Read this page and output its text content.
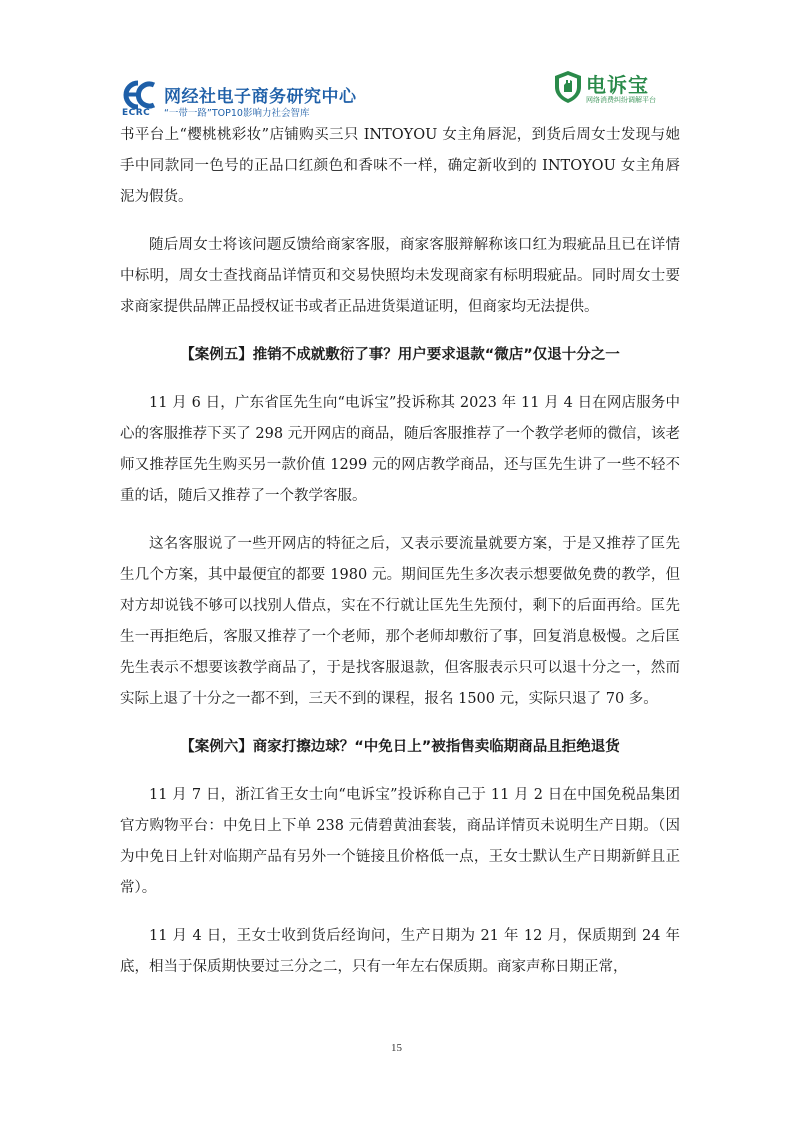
ECRC
网经社电子商务研究中心
“一带一路”TOP10影响力社会智库
电诉宝
网络消费纠纷调解平台

书平台上“樱桃桃彩妆”店铺购买三只 INTOYOU 女主角唇泥，到货后周女士发现与她手中同款同一色号的正品口红颜色和香味不一样，确定新收到的 INTOYOU 女主角唇泥为假货。

随后周女士将该问题反馈给商家客服，商家客服辩解称该口红为瑕疵品且已在详情中标明，周女士查找商品详情页和交易快照均未发现商家有标明瑕疵品。同时周女士要求商家提供品牌正品授权证书或者正品进货渠道证明，但商家均无法提供。

【案例五】推销不成就敷衍了事？用户要求退款“微店”仅退十分之一

11 月 6 日，广东省匡先生向“电诉宝”投诉称其 2023 年 11 月 4 日在网店服务中心的客服推荐下买了 298 元开网店的商品，随后客服推荐了一个教学老师的微信，该老师又推荐匡先生购买另一款价值 1299 元的网店教学商品，还与匡先生讲了一些不轻不重的话，随后又推荐了一个教学客服。

这名客服说了一些开网店的特征之后，又表示要流量就要方案，于是又推荐了匡先生几个方案，其中最便宜的都要 1980 元。期间匡先生多次表示想要做免费的教学，但对方却说钱不够可以找别人借点，实在不行就让匡先生先预付，剩下的后面再给。匡先生一再拒绝后，客服又推荐了一个老师，那个老师却敷衍了事，回复消息极慢。之后匡先生表示不想要该教学商品了，于是找客服退款，但客服表示只可以退十分之一，然而实际上退了十分之一都不到，三天不到的课程，报名 1500 元，实际只退了 70 多。

【案例六】商家打擦边球？“中免日上”被指售卖临期商品且拒绝退货

11 月 7 日，浙江省王女士向“电诉宝”投诉称自己于 11 月 2 日在中国免税品集团官方购物平台：中免日上下单 238 元倩碧黄油套装，商品详情页未说明生产日期。（因为中免日上针对临期产品有另外一个链接且价格低一点，王女士默认生产日期新鲜且正常）。

11 月 4 日，王女士收到货后经询问，生产日期为 21 年 12 月，保质期到 24 年底，相当于保质期快要过三分之二，只有一年左右保质期。商家声称日期正常，

15
